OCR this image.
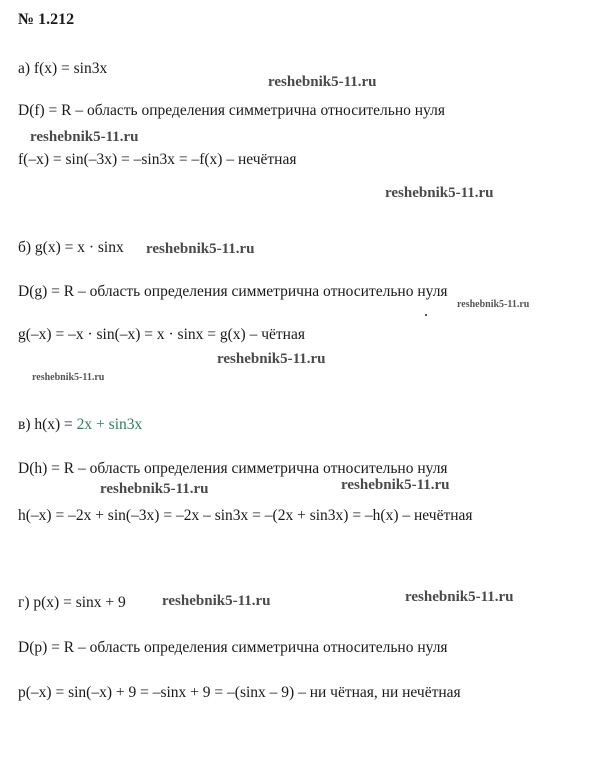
№ 1.212

а) f(x) = sin3x

D(f) = R – область определения симметрична относительно нуля

f(–x) = sin(–3x) = –sin3x = –f(x) – нечётная

б) g(x) = x · sinx

D(g) = R – область определения симметрична относительно нуля

g(–x) = –x · sin(–x) = x · sinx = g(x) – чётная

в) h(x) = 2x + sin3x

D(h) = R – область определения симметрична относительно нуля

h(–x) = –2x + sin(–3x) = –2x – sin3x = –(2x + sin3x) = –h(x) – нечётная

г) p(x) = sinx + 9

D(p) = R – область определения симметрична относительно нуля

p(–x) = sin(–x) + 9 = –sinx + 9 = –(sinx – 9) – ни чётная, ни нечётная

reshebnik5-11.ru

reshebnik5-11.ru

reshebnik5-11.ru

reshebnik5-11.ru

reshebnik5-11.ru

reshebnik5-11.ru

reshebnik5-11.ru

reshebnik5-11.ru	reshebnik5-11.ru

reshebnik5-11.ru	reshebnik5-11.ru
